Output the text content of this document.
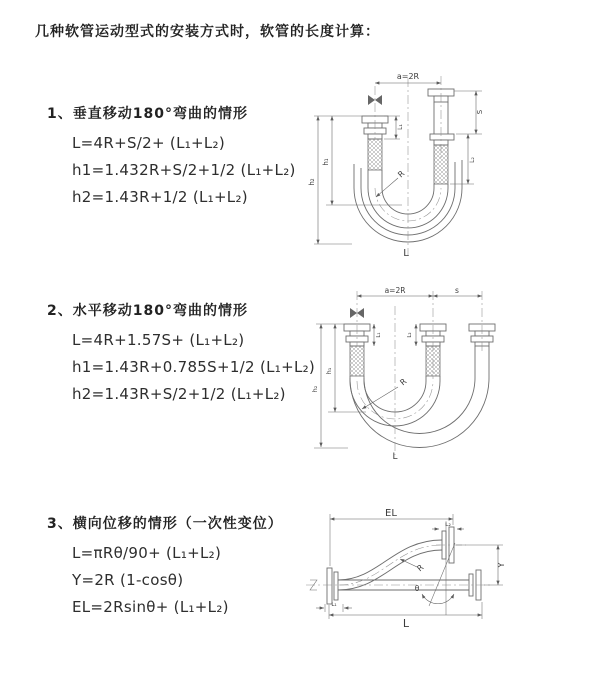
几种软管运动型式的安装方式时，软管的长度计算：
1、垂直移动180°弯曲的情形
L=4R+S/2+ (L₁+L₂)
h1=1.432R+S/2+1/2 (L₁+L₂)
h2=1.43R+1/2 (L₁+L₂)
2、水平移动180°弯曲的情形
L=4R+1.57S+ (L₁+L₂)
h1=1.43R+0.785S+1/2 (L₁+L₂)
h2=1.43R+S/2+1/2 (L₁+L₂)
3、横向位移的情形（一次性变位）
L=πRθ/90+ (L₁+L₂)
Y=2R (1-cosθ)
EL=2Rsinθ+ (L₁+L₂)
a=2R
L₁
S
L₂
h₁
h₂
R
L
a=2R	s
L₁	L₂
h₁
h₂
R
L
EL
L₂
Y
R
θ
L₁
L
